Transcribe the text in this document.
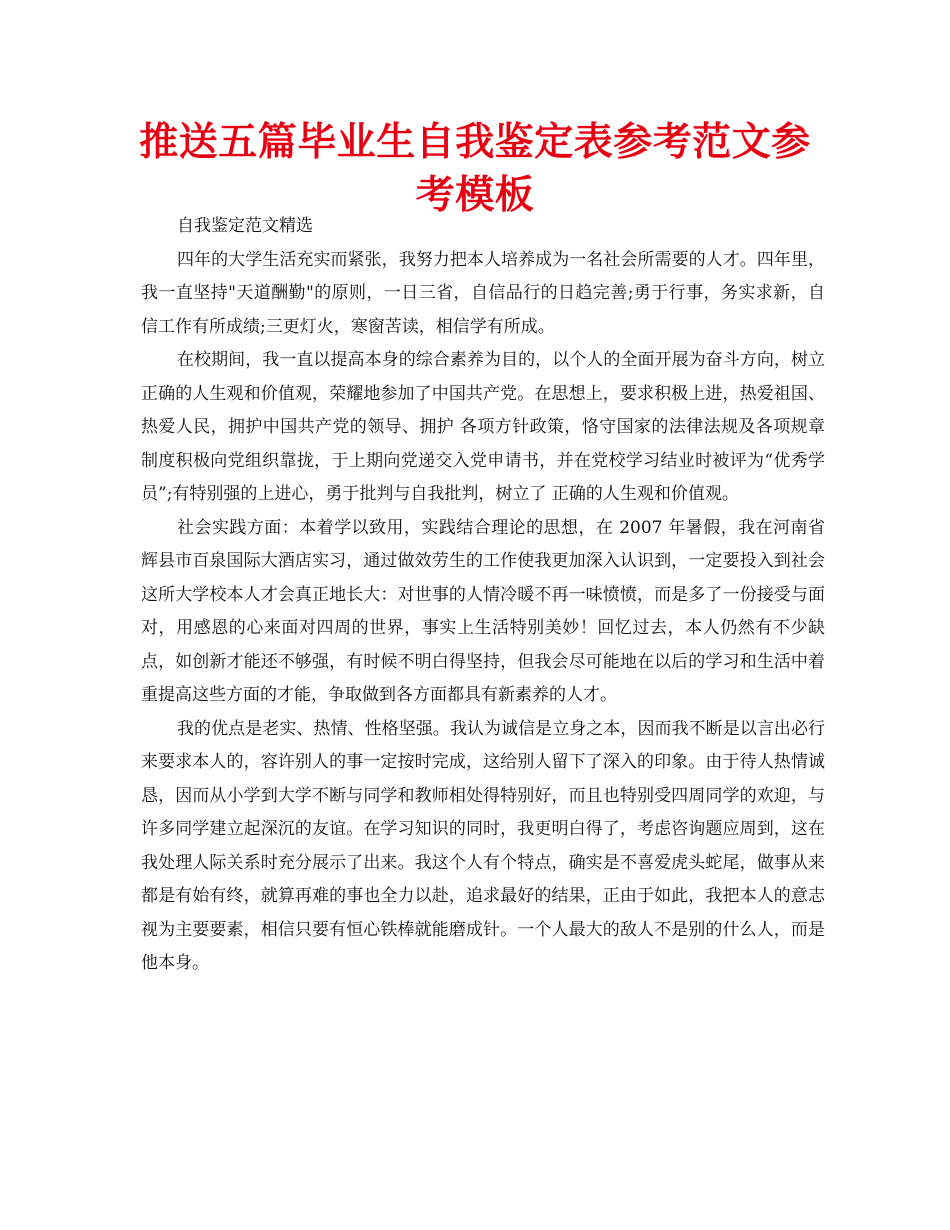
推送五篇毕业生自我鉴定表参考范文参考模板

自我鉴定范文精选

四年的大学生活充实而紧张，我努力把本人培养成为一名社会所需要的人才。四年里，我一直坚持"天道酬勤"的原则，一日三省，自信品行的日趋完善;勇于行事，务实求新，自信工作有所成绩;三更灯火，寒窗苦读，相信学有所成。

在校期间，我一直以提高本身的综合素养为目的，以个人的全面开展为奋斗方向，树立正确的人生观和价值观，荣耀地参加了中国共产党。在思想上，要求积极上进，热爱祖国、热爱人民，拥护中国共产党的领导、拥护 各项方针政策，恪守国家的法律法规及各项规章制度积极向党组织靠拢，于上期向党递交入党申请书，并在党校学习结业时被评为“优秀学员”;有特别强的上进心，勇于批判与自我批判，树立了 正确的人生观和价值观。

社会实践方面：本着学以致用，实践结合理论的思想，在 2007 年暑假，我在河南省辉县市百泉国际大酒店实习，通过做效劳生的工作使我更加深入认识到，一定要投入到社会这所大学校本人才会真正地长大：对世事的人情冷暖不再一味愤愤，而是多了一份接受与面对，用感恩的心来面对四周的世界，事实上生活特别美妙！回忆过去，本人仍然有不少缺点，如创新才能还不够强，有时候不明白得坚持，但我会尽可能地在以后的学习和生活中着重提高这些方面的才能，争取做到各方面都具有新素养的人才。

我的优点是老实、热情、性格坚强。我认为诚信是立身之本，因而我不断是以言出必行来要求本人的，容许别人的事一定按时完成，这给别人留下了深入的印象。由于待人热情诚恳，因而从小学到大学不断与同学和教师相处得特别好，而且也特别受四周同学的欢迎，与许多同学建立起深沉的友谊。在学习知识的同时，我更明白得了，考虑咨询题应周到，这在我处理人际关系时充分展示了出来。我这个人有个特点，确实是不喜爱虎头蛇尾，做事从来都是有始有终，就算再难的事也全力以赴，追求最好的结果，正由于如此，我把本人的意志视为主要要素，相信只要有恒心铁棒就能磨成针。一个人最大的敌人不是别的什么人，而是他本身。
